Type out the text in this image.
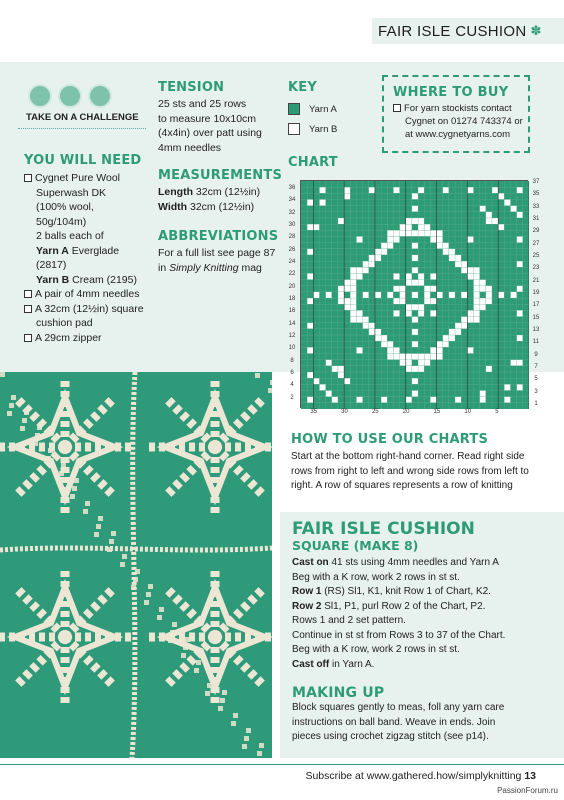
FAIR ISLE CUSHION ✽
TAKE ON A CHALLENGE
YOU WILL NEED
Cygnet Pure Wool
Superwash DK
(100% wool,
50g/104m)
2 balls each of
Yarn A Everglade
(2817)
Yarn B Cream (2195)
A pair of 4mm needles
A 32cm (12½in) square
cushion pad
A 29cm zipper
TENSION
25 sts and 25 rows
to measure 10x10cm
(4x4in) over patt using
4mm needles
MEASUREMENTS
Length 32cm (12½in)
Width 32cm (12½in)
ABBREVIATIONS
For a full list see page 87
in Simply Knitting mag
KEY
Yarn A
Yarn B
WHERE TO BUY
For yarn stockists contact
Cygnet on 01274 743374 or
at www.cygnetyarns.com
CHART
36
34
32
30
28
26
24
22
20
18
16
14
12
10
8
6
4
2
37
35
33
31
29
27
25
23
21
19
17
15
13
11
9
7
5
3
1
35	30	25	20	15	10	5
HOW TO USE OUR CHARTS
Start at the bottom right-hand corner. Read right side
rows from right to left and wrong side rows from left to
right. A row of squares represents a row of knitting
FAIR ISLE CUSHION
SQUARE (MAKE 8)
Cast on 41 sts using 4mm needles and Yarn A
Beg with a K row, work 2 rows in st st.
Row 1 (RS) Sl1, K1, knit Row 1 of Chart, K2.
Row 2 Sl1, P1, purl Row 2 of the Chart, P2.
Rows 1 and 2 set pattern.
Continue in st st from Rows 3 to 37 of the Chart.
Beg with a K row, work 2 rows in st st.
Cast off in Yarn A.
MAKING UP
Block squares gently to meas, foll any yarn care
instructions on ball band. Weave in ends. Join
pieces using crochet zigzag stitch (see p14).
Subscribe at www.gathered.how/simplyknitting 13
PassionForum.ru
